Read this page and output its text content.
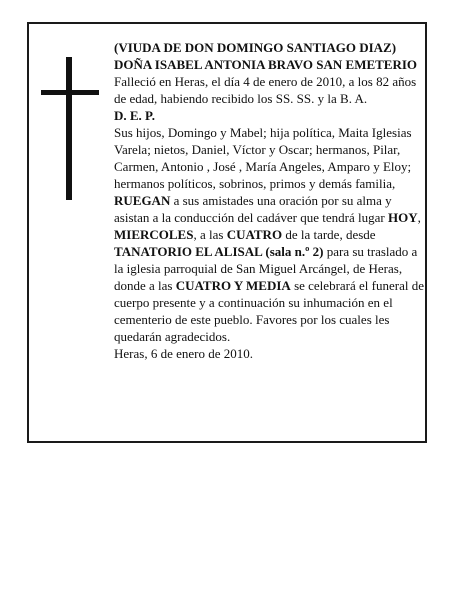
(VIUDA DE DON DOMINGO SANTIAGO DIAZ)

DOÑA ISABEL ANTONIA BRAVO SAN EMETERIO

Falleció en Heras, el día 4 de enero de 2010, a los 82 años de edad, habiendo recibido los SS. SS. y la B. A.

D. E. P.

Sus hijos, Domingo y Mabel; hija política, Maita Iglesias Varela; nietos, Daniel, Víctor y Oscar; hermanos, Pilar, Carmen, Antonio , José , María Angeles, Amparo y Eloy; hermanos políticos, sobrinos, primos y demás familia,

RUEGAN a sus amistades una oración por su alma y asistan a la conducción del cadáver que tendrá lugar HOY, MIERCOLES, a las CUATRO de la tarde, desde TANATORIO EL ALISAL (sala n.º 2) para su traslado a la iglesia parroquial de San Miguel Arcángel, de Heras, donde a las CUATRO Y MEDIA se celebrará el funeral de cuerpo presente y a continuación su inhumación en el cementerio de este pueblo. Favores por los cuales les quedarán agradecidos.

Heras, 6 de enero de 2010.
